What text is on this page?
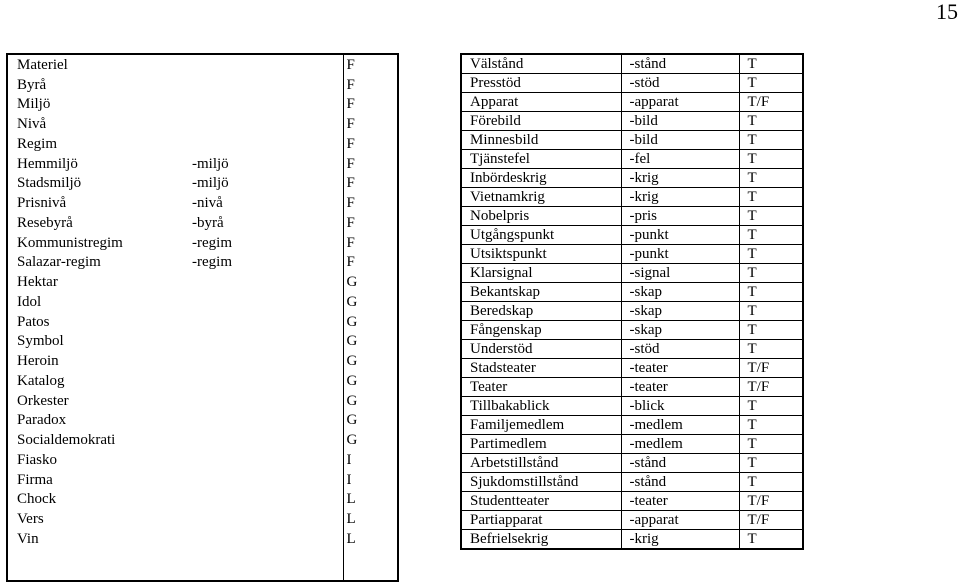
15
Materiel		F
Byrå		F
Miljö		F
Nivå		F
Regim		F
Hemmiljö	-miljö	F
Stadsmiljö	-miljö	F
Prisnivå	-nivå	F
Resebyrå	-byrå	F
Kommunistregim	-regim	F
Salazar-regim	-regim	F
Hektar		G
Idol		G
Patos		G
Symbol		G
Heroin		G
Katalog		G
Orkester		G
Paradox		G
Socialdemokrati		G
Fiasko		I
Firma		I
Chock		L
Vers		L
Vin		L

Välstånd	-stånd	T
Presstöd	-stöd	T
Apparat	-apparat	T/F
Förebild	-bild	T
Minnesbild	-bild	T
Tjänstefel	-fel	T
Inbördeskrig	-krig	T
Vietnamkrig	-krig	T
Nobelpris	-pris	T
Utgångspunkt	-punkt	T
Utsiktspunkt	-punkt	T
Klarsignal	-signal	T
Bekantskap	-skap	T
Beredskap	-skap	T
Fångenskap	-skap	T
Understöd	-stöd	T
Stadsteater	-teater	T/F
Teater	-teater	T/F
Tillbakablick	-blick	T
Familjemedlem	-medlem	T
Partimedlem	-medlem	T
Arbetstillstånd	-stånd	T
Sjukdomstillstånd	-stånd	T
Studentteater	-teater	T/F
Partiapparat	-apparat	T/F
Befrielsekrig	-krig	T
